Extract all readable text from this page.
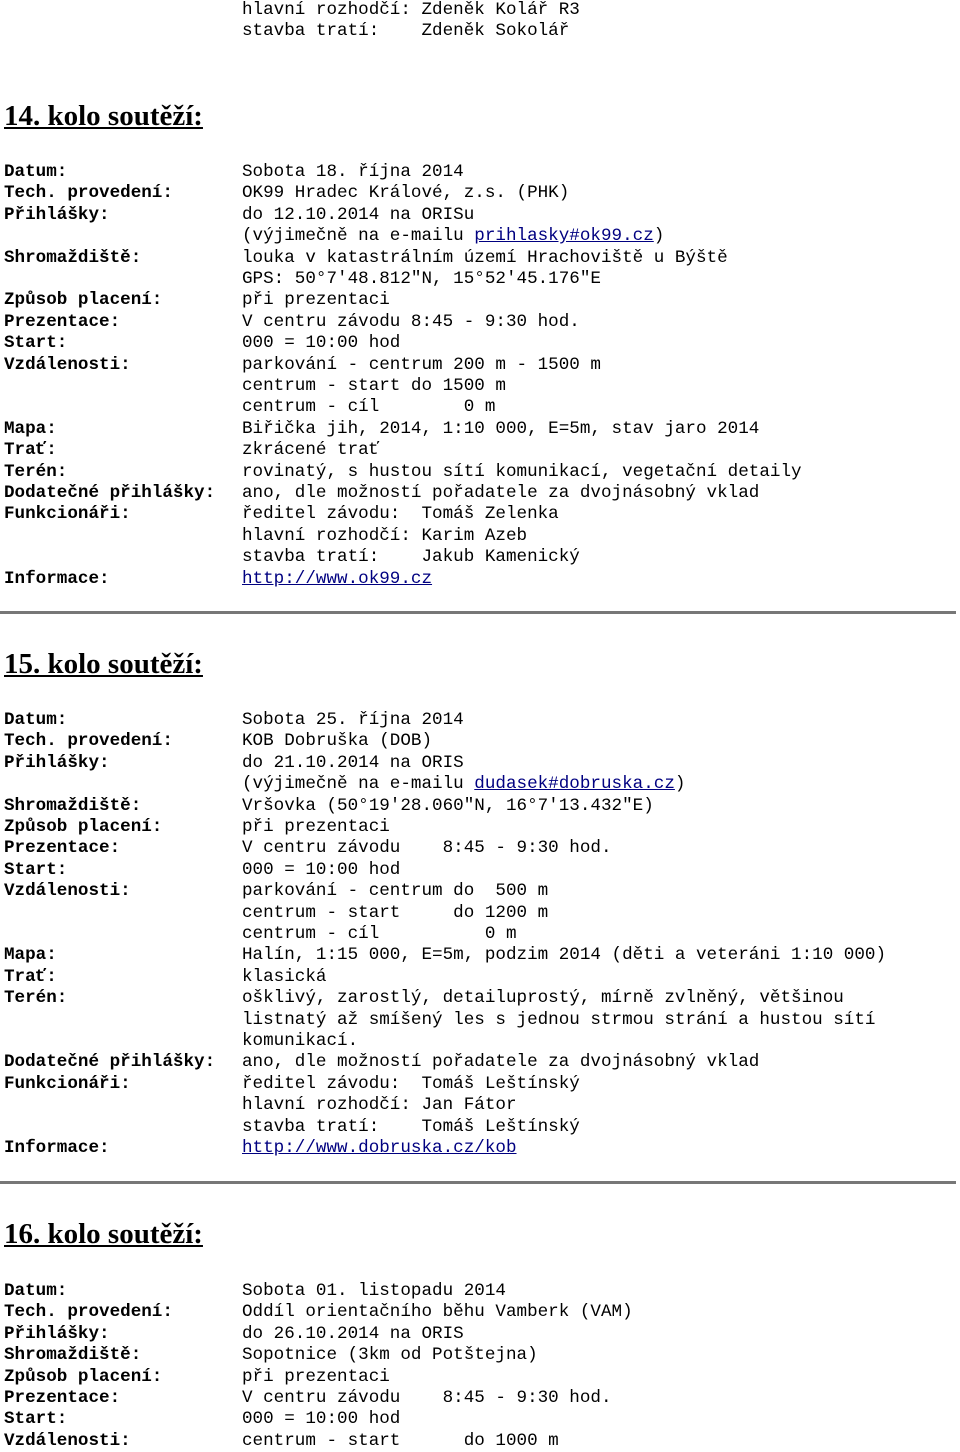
hlavní rozhodčí: Zdeněk Kolář R3
stavba tratí:    Zdeněk Sokolář
14. kolo soutěží:
Datum:	Sobota 18. října 2014
Tech. provedení:	OK99 Hradec Králové, z.s. (PHK)
Přihlášky:	do 12.10.2014 na ORISu
(výjimečně na e-mailu prihlasky#ok99.cz)
Shromaždiště:	louka v katastrálním území Hrachoviště u Býště
GPS: 50°7'48.812"N, 15°52'45.176"E
Způsob placení:	při prezentaci
Prezentace:	V centru závodu 8:45 - 9:30 hod.
Start:	000 = 10:00 hod
Vzdálenosti:	parkování - centrum 200 m - 1500 m
centrum - start do 1500 m
centrum - cíl        0 m
Mapa:	Biřička jih, 2014, 1:10 000, E=5m, stav jaro 2014
Trať:	zkrácené trať
Terén:	rovinatý, s hustou sítí komunikací, vegetační detaily
Dodatečné přihlášky: ano, dle možností pořadatele za dvojnásobný vklad
Funkcionáři:	ředitel závodu:  Tomáš Zelenka
hlavní rozhodčí: Karim Azeb
stavba tratí:    Jakub Kamenický
Informace:	http://www.ok99.cz
15. kolo soutěží:
Datum:	Sobota 25. října 2014
Tech. provedení:	KOB Dobruška (DOB)
Přihlášky:	do 21.10.2014 na ORIS
(výjimečně na e-mailu dudasek#dobruska.cz)
Shromaždiště:	Vršovka (50°19'28.060"N, 16°7'13.432"E)
Způsob placení:	při prezentaci
Prezentace:	V centru závodu    8:45 - 9:30 hod.
Start:	000 = 10:00 hod
Vzdálenosti:	parkování - centrum do  500 m
centrum - start     do 1200 m
centrum - cíl          0 m
Mapa:	Halín, 1:15 000, E=5m, podzim 2014 (děti a veteráni 1:10 000)
Trať:	klasická
Terén:	ošklivý, zarostlý, detailuprostý, mírně zvlněný, většinou
listnatý až smíšený les s jednou strmou strání a hustou sítí
komunikací.
Dodatečné přihlášky: ano, dle možností pořadatele za dvojnásobný vklad
Funkcionáři:	ředitel závodu:  Tomáš Leštínský
hlavní rozhodčí: Jan Fátor
stavba tratí:    Tomáš Leštínský
Informace:	http://www.dobruska.cz/kob
16. kolo soutěží:
Datum:	Sobota 01. listopadu 2014
Tech. provedení:	Oddíl orientačního běhu Vamberk (VAM)
Přihlášky:	do 26.10.2014 na ORIS
Shromaždiště:	Sopotnice (3km od Potštejna)
Způsob placení:	při prezentaci
Prezentace:	V centru závodu    8:45 - 9:30 hod.
Start:	000 = 10:00 hod
Vzdálenosti:	centrum - start      do 1000 m
